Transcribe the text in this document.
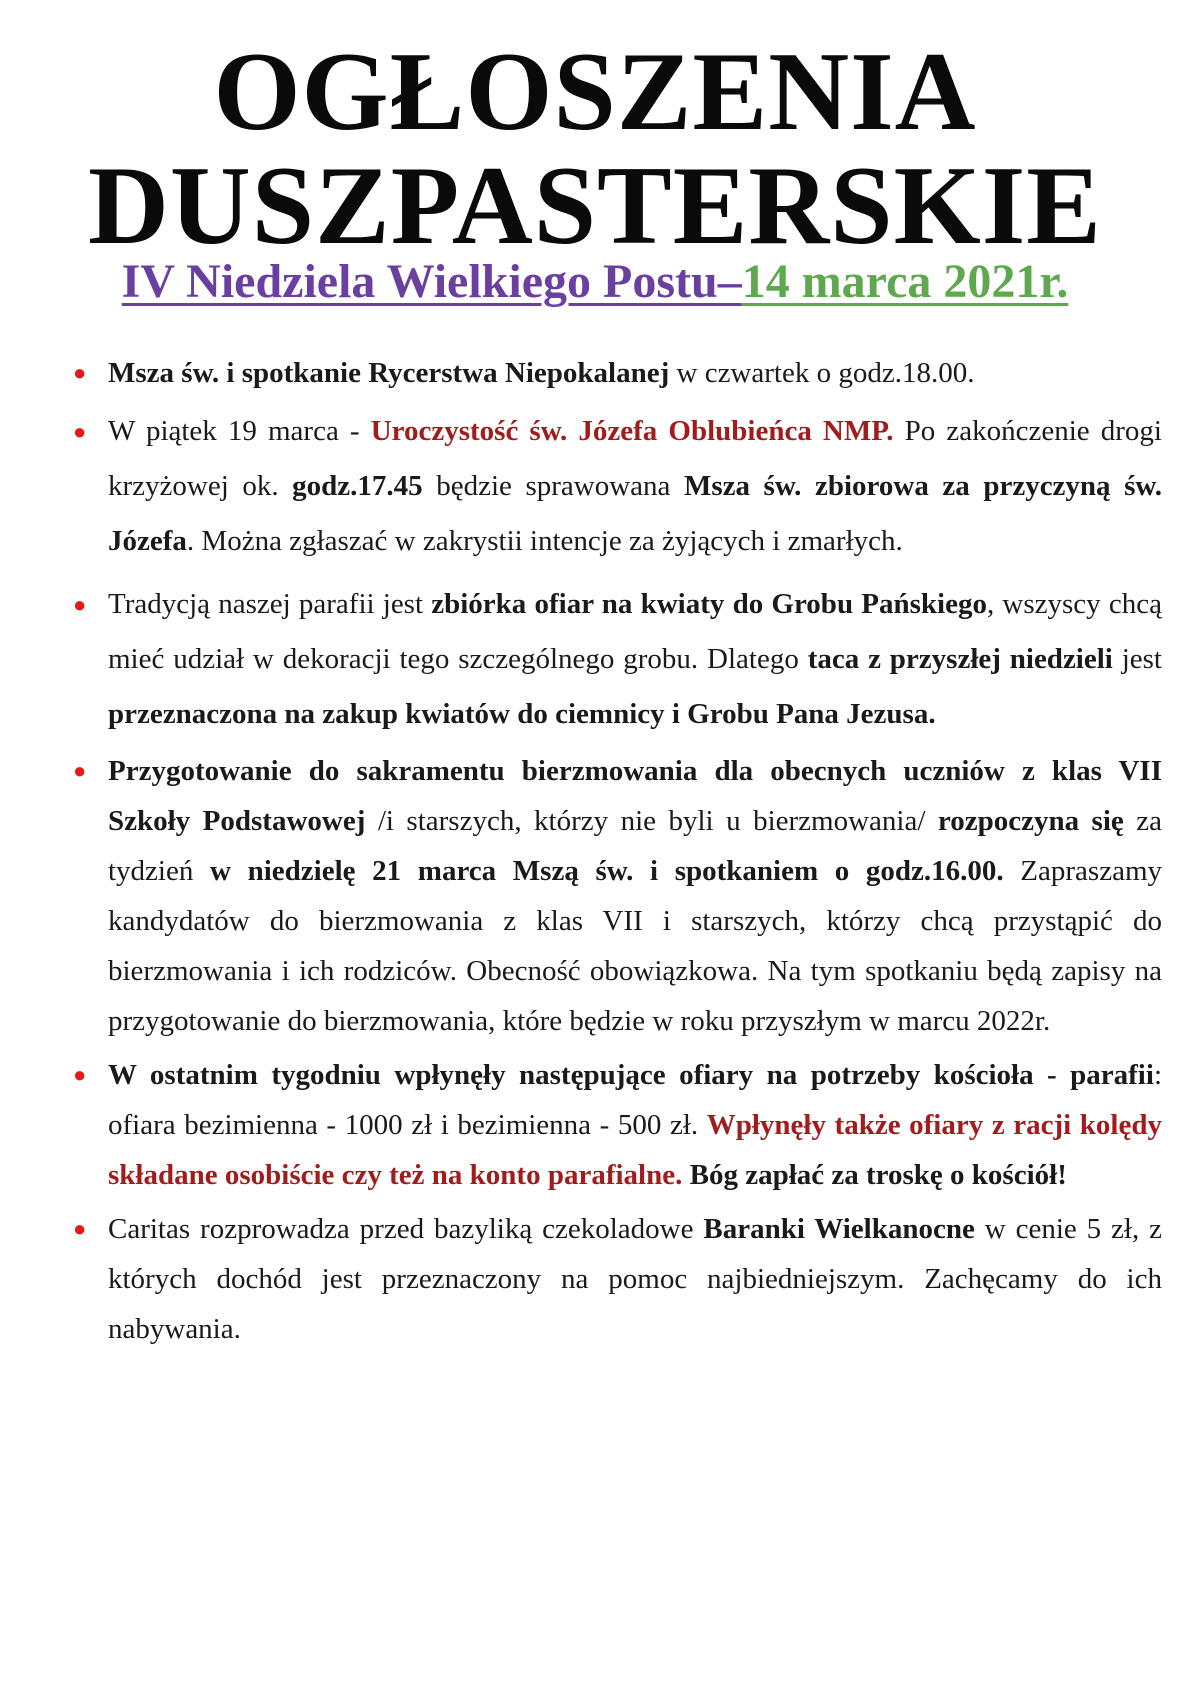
OGŁOSZENIA
DUSZPASTERSKIE
IV Niedziela Wielkiego Postu–14 marca 2021r.
● Msza św. i spotkanie Rycerstwa Niepokalanej w czwartek o godz.18.00.
● W piątek 19 marca - Uroczystość św. Józefa Oblubieńca NMP. Po zakończenie drogi krzyżowej ok. godz.17.45 będzie sprawowana Msza św. zbiorowa za przyczyną św. Józefa. Można zgłaszać w zakrystii intencje za żyjących i zmarłych.
● Tradycją naszej parafii jest zbiórka ofiar na kwiaty do Grobu Pańskiego, wszyscy chcą mieć udział w dekoracji tego szczególnego grobu. Dlatego taca z przyszłej niedzieli jest przeznaczona na zakup kwiatów do ciemnicy i Grobu Pana Jezusa.
● Przygotowanie do sakramentu bierzmowania dla obecnych uczniów z klas VII Szkoły Podstawowej /i starszych, którzy nie byli u bierzmowania/ rozpoczyna się za tydzień w niedzielę 21 marca Mszą św. i spotkaniem o godz.16.00. Zapraszamy kandydatów do bierzmowania z klas VII i starszych, którzy chcą przystąpić do bierzmowania i ich rodziców. Obecność obowiązkowa. Na tym spotkaniu będą zapisy na przygotowanie do bierzmowania, które będzie w roku przyszłym w marcu 2022r.
● W ostatnim tygodniu wpłynęły następujące ofiary na potrzeby kościoła - parafii: ofiara bezimienna - 1000 zł i bezimienna - 500 zł. Wpłynęły także ofiary z racji kolędy składane osobiście czy też na konto parafialne. Bóg zapłać za troskę o kościół!
● Caritas rozprowadza przed bazyliką czekoladowe Baranki Wielkanocne w cenie 5 zł, z których dochód jest przeznaczony na pomoc najbiedniejszym. Zachęcamy do ich nabywania.
